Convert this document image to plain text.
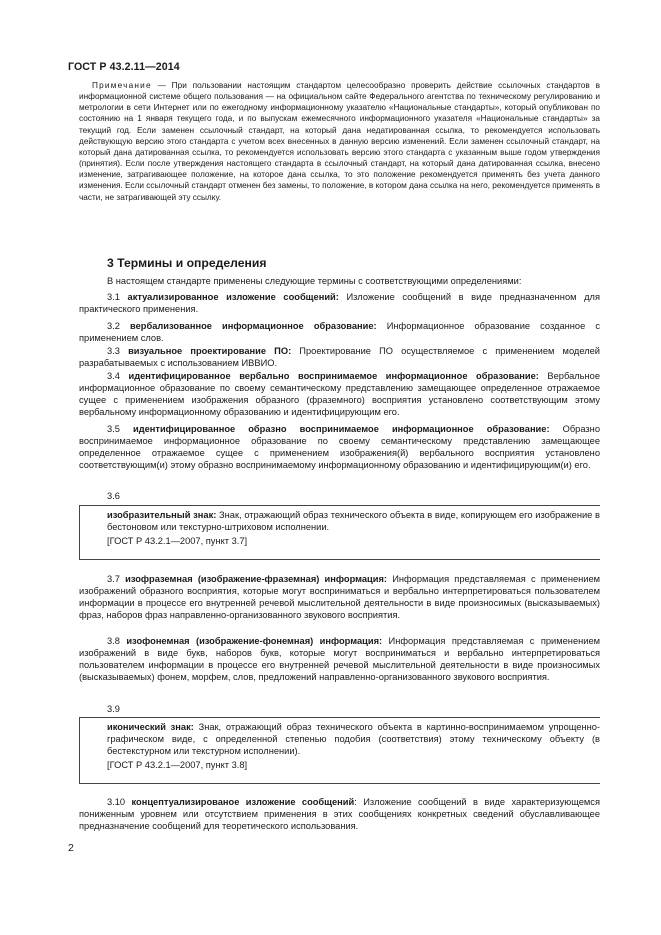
ГОСТ Р 43.2.11—2014

Примечание — При пользовании настоящим стандартом целесообразно проверить действие ссылочных стандартов в информационной системе общего пользования — на официальном сайте Федерального агентства по техническому регулированию и метрологии в сети Интернет или по ежегодному информационному указателю «Национальные стандарты», который опубликован по состоянию на 1 января текущего года, и по выпускам ежемесячного информационного указателя «Национальные стандарты» за текущий год. Если заменен ссылочный стандарт, на который дана недатированная ссылка, то рекомендуется использовать действующую версию этого стандарта с учетом всех внесенных в данную версию изменений. Если заменен ссылочный стандарт, на который дана датированная ссылка, то рекомендуется использовать версию этого стандарта с указанным выше годом утверждения (принятия). Если после утверждения настоящего стандарта в ссылочный стандарт, на который дана датированная ссылка, внесено изменение, затрагивающее положение, на которое дана ссылка, то это положение рекомендуется применять без учета данного изменения. Если ссылочный стандарт отменен без замены, то положение, в котором дана ссылка на него, рекомендуется применять в части, не затрагивающей эту ссылку.

3 Термины и определения

В настоящем стандарте применены следующие термины с соответствующими определениями:

3.1 актуализированное изложение сообщений: Изложение сообщений в виде предназначенном для практического применения.

3.2 вербализованное информационное образование: Информационное образование созданное с применением слов.

3.3 визуальное проектирование ПО: Проектирование ПО осуществляемое с применением моделей разрабатываемых с использованием ИВВИО.

3.4 идентифицированное вербально воспринимаемое информационное образование: Вербальное информационное образование по своему семантическому представлению замещающее определенное отражаемое сущее с применением изображения образного (фраземного) восприятия установлено соответствующим этому вербальному информационному образованию и идентифицирующим его.

3.5 идентифицированное образно воспринимаемое информационное образование: Образно воспринимаемое информационное образование по своему семантическому представлению замещающее определенное отражаемое сущее с применением изображения(й) вербального восприятия установлено соответствующим(и) этому образно воспринимаемому информационному образованию и идентифицирующим(и) его.

3.6

изобразительный знак: Знак, отражающий образ технического объекта в виде, копирующем его изображение в бестоновом или текстурно-штриховом исполнении.

[ГОСТ Р 43.2.1—2007, пункт 3.7]

3.7 изофраземная (изображение-фраземная) информация: Информация представляемая с применением изображений образного восприятия, которые могут восприниматься и вербально интерпретироваться пользователем информации в процессе его внутренней речевой мыслительной деятельности в виде произносимых (высказываемых) фраз, наборов фраз направленно-организованного звукового восприятия.

3.8 изофонемная (изображение-фонемная) информация: Информация представляемая с применением изображений в виде букв, наборов букв, которые могут восприниматься и вербально интерпретироваться пользователем информации в процессе его внутренней речевой мыслительной деятельности в виде произносимых (высказываемых) фонем, морфем, слов, предложений направленно-организованного звукового восприятия.

3.9

иконический знак: Знак, отражающий образ технического объекта в картинно-воспринимаемом упрощенно-графическом виде, с определенной степенью подобия (соответствия) этому техническому объекту (в бестекстурном или текстурном исполнении).

[ГОСТ Р 43.2.1—2007, пункт 3.8]

3.10 концептуализированое изложение сообщений: Изложение сообщений в виде характеризующемся пониженным уровнем или отсутствием применения в этих сообщениях конкретных сведений обуславливающее предназначение сообщений для теоретического использования.

2
